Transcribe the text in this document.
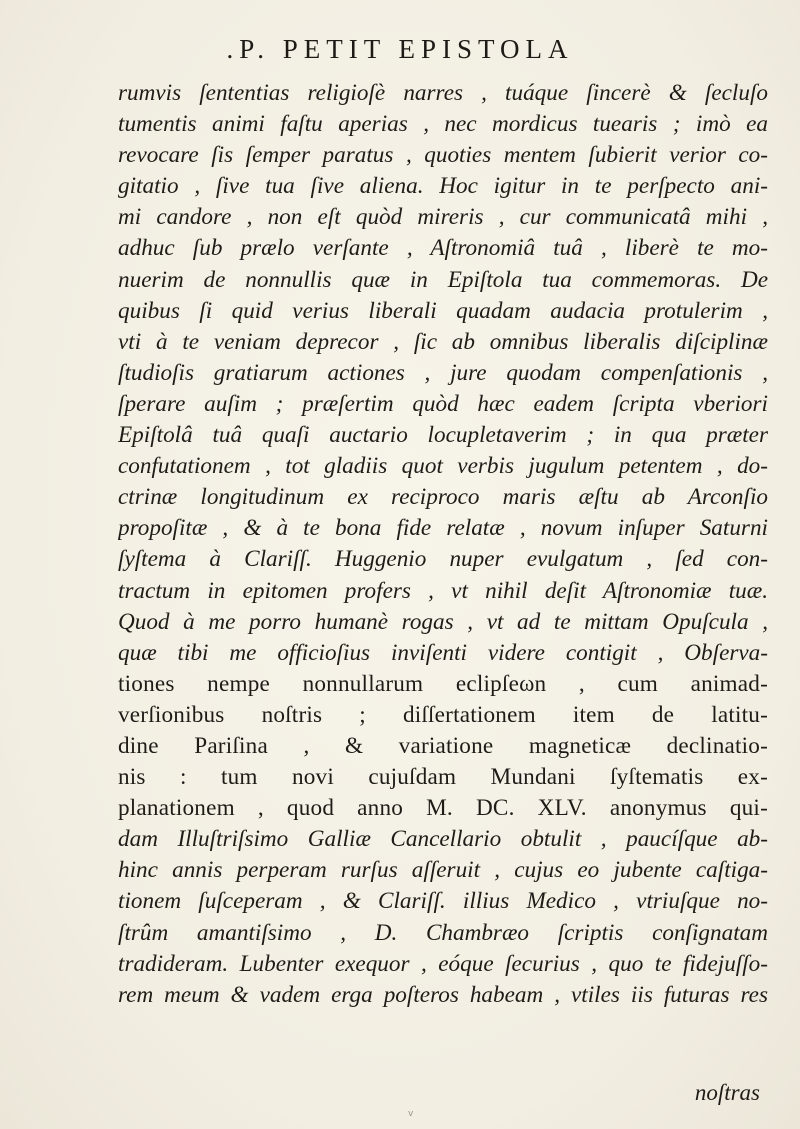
.P. PETIT EPISTOLA
rumvis ſententias religioſè narres , tuáque ſincerè & ſecluſo
tumentis animi faſtu aperias , nec mordicus tuearis ; imò ea
revocare ſis ſemper paratus , quoties mentem ſubierit verior co-
gitatio , ſive tua ſive aliena. Hoc igitur in te perſpecto ani-
mi candore , non eſt quòd mireris , cur communicatâ mihi ,
adhuc ſub prælo verſante , Aſtronomiâ tuâ , liberè te mo-
nuerim de nonnullis quæ in Epiſtola tua commemoras. De
quibus ſi quid verius liberali quadam audacia protulerim ,
vti à te veniam deprecor , ſic ab omnibus liberalis diſciplinæ
ſtudioſis gratiarum actiones , jure quodam compenſationis ,
ſperare auſim ; præſertim quòd hæc eadem ſcripta vberiori
Epiſtolâ tuâ quaſi auctario locupletaverim ; in qua præter
confutationem , tot gladiis quot verbis jugulum petentem , do-
ctrinæ longitudinum ex reciproco maris æſtu ab Arconſio
propoſitæ , & à te bona fide relatæ , novum inſuper Saturni
ſyſtema à Clariſſ. Huggenio nuper evulgatum , ſed con-
tractum in epitomen profers , vt nihil deſit Aſtronomiæ tuæ.
Quod à me porro humanè rogas , vt ad te mittam Opuſcula ,
quæ tibi me officioſius inviſenti videre contigit , Obſerva-
tiones nempe nonnullarum eclipſeωn , cum animad-
verſionibus noſtris ; diſſertationem item de latitu-
dine Pariſina , & variatione magneticæ declinatio-
nis : tum novi cujuſdam Mundani ſyſtematis ex-
planationem , quod anno M. DC. XLV. anonymus qui-
dam Illuſtriſsimo Galliæ Cancellario obtulit , paucíſque ab-
hinc annis perperam rurſus aſſeruit , cujus eo jubente caſtiga-
tionem ſuſceperam , & Clariſſ. illius Medico , vtriuſque no-
ſtrûm amantiſsimo , D. Chambræo ſcriptis conſignatam
tradideram. Lubenter exequor , eóque ſecurius , quo te fidejuſſo-
rem meum & vadem erga poſteros habeam , vtiles iis futuras res
noſtras
v
